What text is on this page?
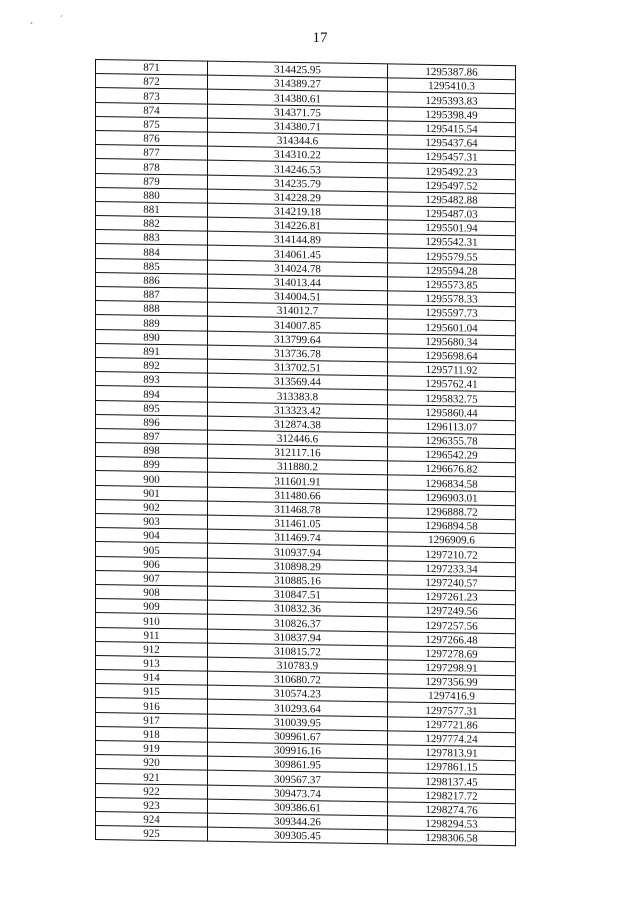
¸	´
17
871	314425.95	1295387.86
872	314389.27	1295410.3
873	314380.61	1295393.83
874	314371.75	1295398.49
875	314380.71	1295415.54
876	314344.6	1295437.64
877	314310.22	1295457.31
878	314246.53	1295492.23
879	314235.79	1295497.52
880	314228.29	1295482.88
881	314219.18	1295487.03
882	314226.81	1295501.94
883	314144.89	1295542.31
884	314061.45	1295579.55
885	314024.78	1295594.28
886	314013.44	1295573.85
887	314004.51	1295578.33
888	314012.7	1295597.73
889	314007.85	1295601.04
890	313799.64	1295680.34
891	313736.78	1295698.64
892	313702.51	1295711.92
893	313569.44	1295762.41
894	313383.8	1295832.75
895	313323.42	1295860.44
896	312874.38	1296113.07
897	312446.6	1296355.78
898	312117.16	1296542.29
899	311880.2	1296676.82
900	311601.91	1296834.58
901	311480.66	1296903.01
902	311468.78	1296888.72
903	311461.05	1296894.58
904	311469.74	1296909.6
905	310937.94	1297210.72
906	310898.29	1297233.34
907	310885.16	1297240.57
908	310847.51	1297261.23
909	310832.36	1297249.56
910	310826.37	1297257.56
911	310837.94	1297266.48
912	310815.72	1297278.69
913	310783.9	1297298.91
914	310680.72	1297356.99
915	310574.23	1297416.9
916	310293.64	1297577.31
917	310039.95	1297721.86
918	309961.67	1297774.24
919	309916.16	1297813.91
920	309861.95	1297861.15
921	309567.37	1298137.45
922	309473.74	1298217.72
923	309386.61	1298274.76
924	309344.26	1298294.53
925	309305.45	1298306.58
